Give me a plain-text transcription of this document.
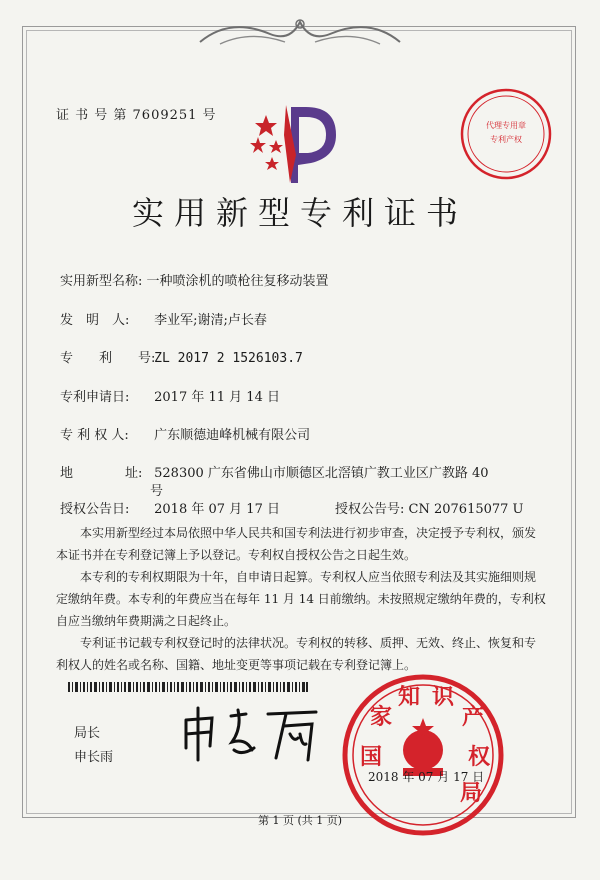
证 书 号 第 7609251 号
代理专用章
专利产权
实用新型专利证书
实用新型名称: 一种喷涂机的喷枪往复移动装置
发　明　人: 李业军;谢清;卢长春
专　　利　　号: ZL 2017 2 1526103.7
专利申请日: 2017 年 11 月 14 日
专 利 权 人: 广东顺德迪峰机械有限公司
地　　　　址: 528300 广东省佛山市顺德区北滘镇广教工业区广教路 40
号
授权公告日: 2018 年 07 月 17 日	授权公告号: CN 207615077 U

本实用新型经过本局依照中华人民共和国专利法进行初步审查，决定授予专利权，颁发本证书并在专利登记簿上予以登记。专利权自授权公告之日起生效。

本专利的专利权期限为十年，自申请日起算。专利权人应当依照专利法及其实施细则规定缴纳年费。本专利的年费应当在每年 11 月 14 日前缴纳。未按照规定缴纳年费的，专利权自应当缴纳年费期满之日起终止。

专利证书记载专利权登记时的法律状况。专利权的转移、质押、无效、终止、恢复和专利权人的姓名或名称、国籍、地址变更等事项记载在专利登记簿上。

局长
申长雨	国
家
知 识
产
权
局
2018 年 07 月 17 日
第 1 页 (共 1 页)
